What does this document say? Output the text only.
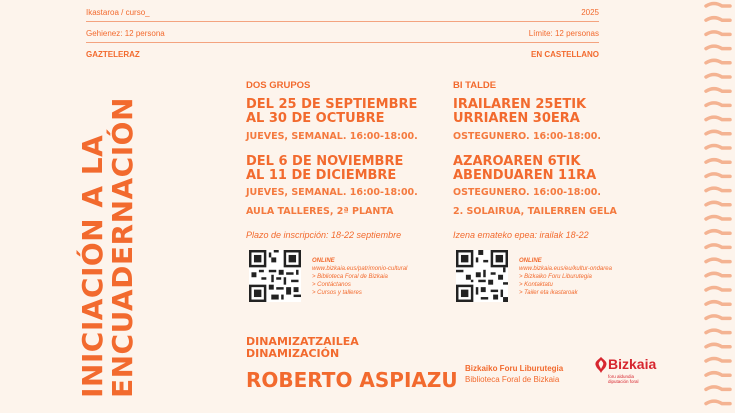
Ikastaroa / curso_	2025
Gehienez: 12 persona	Límite: 12 personas
GAZTELERAZ	EN CASTELLANO
INICIACIÓN A LA
ENCUADERNACIÓN
DOS GRUPOS
DEL 25 DE SEPTIEMBRE
AL 30 DE OCTUBRE
JUEVES, SEMANAL. 16:00-18:00.
DEL 6 DE NOVIEMBRE
AL 11 DE DICIEMBRE
JUEVES, SEMANAL. 16:00-18:00.
AULA TALLERES, 2ª PLANTA
Plazo de inscripción: 18-22 septiembre
ONLINE
www.bizkaia.eus/patrimonio-cultural
> Biblioteca Foral de Bizkaia
> Contáctanos
> Cursos y talleres
BI TALDE
IRAILAREN 25ETIK
URRIAREN 30ERA
OSTEGUNERO. 16:00-18:00.
AZAROAREN 6TIK
ABENDUAREN 11RA
OSTEGUNERO. 16:00-18:00.
2. SOLAIRUA, TAILERREN GELA
Izena emateko epea: irailak 18-22
ONLINE
www.bizkaia.eus/eu/kultur-ondarea
> Bizkaiko Foru Liburutegia
> Kontaktatu
> Tailer eta ikastaroak
DINAMIZATZAILEA
DINAMIZACIÓN
ROBERTO ASPIAZU Bizkaiko Foru Liburutegia
Biblioteca Foral de Bizkaia
Bizkaia
foru aldundia
diputación foral
